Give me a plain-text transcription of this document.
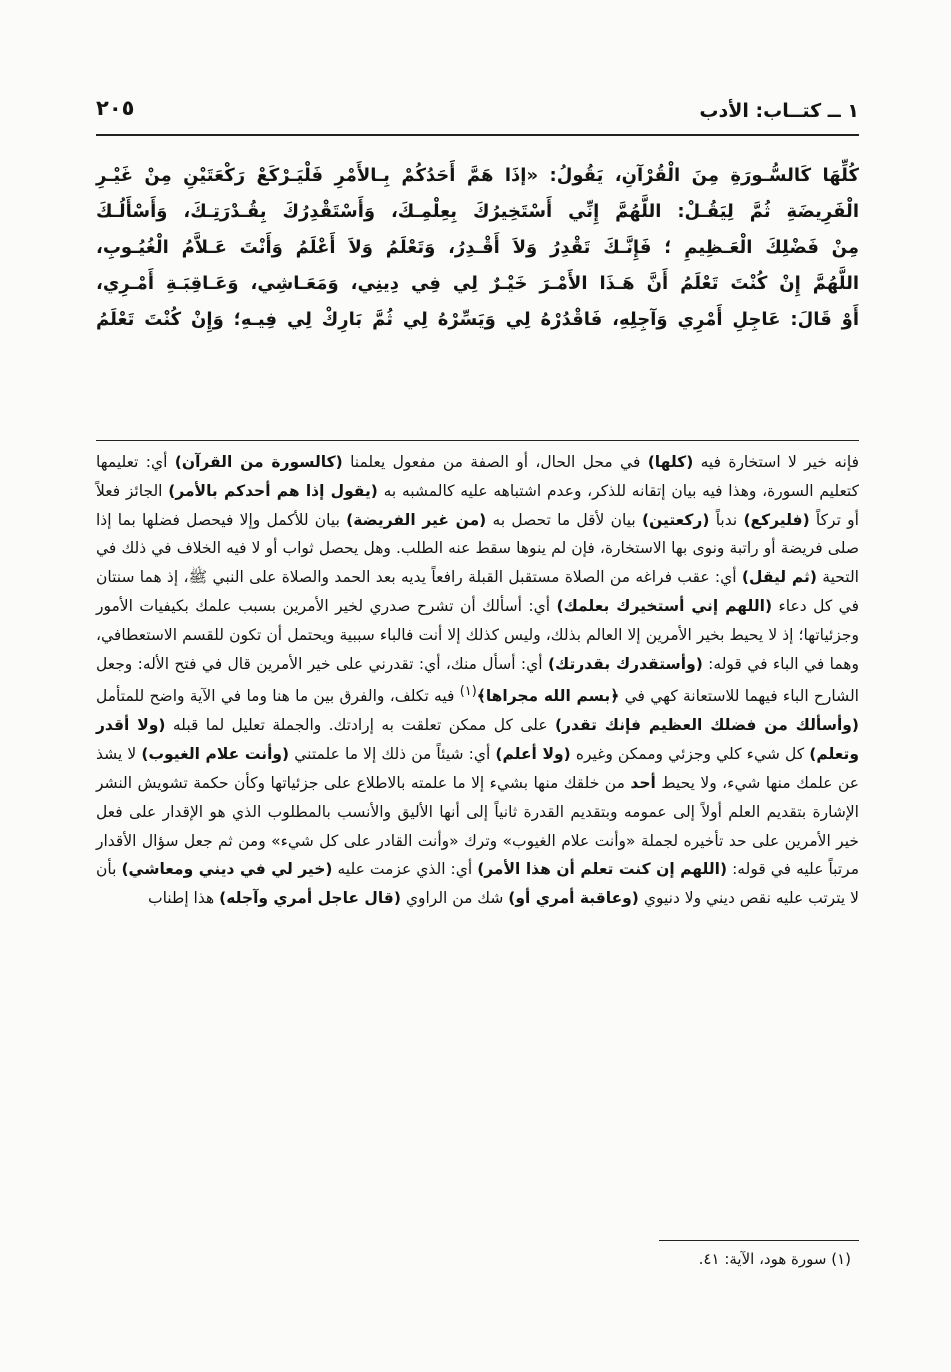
١ ــ كتــاب: الأدب
٢٠٥

كُلِّهَا كَالسُّـورَةِ مِنَ الْقُرْآنِ، يَقُولُ: «إذَا هَمَّ أَحَدُكُمْ بِـالأَمْرِ فَلْيَـرْكَعْ رَكْعَتَيْنِ مِنْ غَيْـرِ

الْفَرِيضَةِ ثُمَّ لِيَقُـلْ: اللَّهُمَّ إِنِّي أَسْتَخِيرُكَ بِعِلْمِـكَ، وَأَسْتَقْدِرُكَ بِقُـدْرَتِـكَ، وَأَسْأَلُـكَ

مِنْ فَضْلِكَ الْعَـظِيمِ ؛ فَإِنَّـكَ تَقْدِرُ وَلاَ أَقْـدِرُ، وَتَعْلَمُ وَلاَ أَعْلَمُ وَأَنْتَ عَـلاَّمُ الْغُيُـوبِ،

اللَّهُمَّ إِنْ كُنْتَ تَعْلَمُ أَنَّ هَـذَا الأَمْـرَ خَيْـرٌ لِي فِي دِينِي، وَمَعَـاشِي، وَعَـاقِبَـةِ أَمْـرِي،

أَوْ قَالَ: عَاجِلِ أَمْرِي وَآجِلِهِ، فَاقْدُرْهُ لِي وَيَسِّرْهُ لِي ثُمَّ بَارِكْ لِي فِيـهِ؛ وَإِنْ كُنْتَ تَعْلَمُ

فإنه خير لا استخارة فيه (كلها) في محل الحال، أو الصفة من مفعول يعلمنا (كالسورة من القرآن) أي: تعليمها كتعليم السورة، وهذا فيه بيان إتقانه للذكر، وعدم اشتباهه عليه كالمشبه به (يقول إذا هم أحدكم بالأمر) الجائز فعلاً أو تركاً (فليركع) ندباً (ركعتين) بيان لأقل ما تحصل به (من غير الفريضة) بيان للأكمل وإلا فيحصل فضلها بما إذا صلى فريضة أو راتبة ونوى بها الاستخارة، فإن لم ينوها سقط عنه الطلب. وهل يحصل ثواب أو لا فيه الخلاف في ذلك في التحية (ثم ليقل) أي: عقب فراغه من الصلاة مستقبل القبلة رافعاً يديه بعد الحمد والصلاة على النبي ﷺ، إذ هما سنتان في كل دعاء (اللهم إني أستخيرك بعلمك) أي: أسألك أن تشرح صدري لخير الأمرين بسبب علمك بكيفيات الأمور وجزئياتها؛ إذ لا يحيط بخير الأمرين إلا العالم بذلك، وليس كذلك إلا أنت فالباء سببية ويحتمل أن تكون للقسم الاستعطافي، وهما في الباء في قوله: (وأستقدرك بقدرتك) أي: أسأل منك، أي: تقدرني على خير الأمرين قال في فتح الأله: وجعل الشارح الباء فيهما للاستعانة كهي في ﴿بسم الله مجراها﴾$^{(١)}$ فيه تكلف، والفرق بين ما هنا وما في الآية واضح للمتأمل (وأسألك من فضلك العظيم فإنك تقدر) على كل ممكن تعلقت به إرادتك. والجملة تعليل لما قبله (ولا أقدر وتعلم) كل شيء كلي وجزئي وممكن وغيره (ولا أعلم) أي: شيئاً من ذلك إلا ما علمتني (وأنت علام الغيوب) لا يشذ عن علمك منها شيء، ولا يحيط أحد من خلقك منها بشيء إلا ما علمته بالاطلاع على جزئياتها وكأن حكمة تشويش النشر الإشارة بتقديم العلم أولاً إلى عمومه وبتقديم القدرة ثانياً إلى أنها الأليق والأنسب بالمطلوب الذي هو الإقدار على فعل خير الأمرين على حد تأخيره لجملة «وأنت علام الغيوب» وترك «وأنت القادر على كل شيء» ومن ثم جعل سؤال الأقدار مرتباً عليه في قوله: (اللهم إن كنت تعلم أن هذا الأمر) أي: الذي عزمت عليه (خير لي في ديني ومعاشي) بأن لا يترتب عليه نقص ديني ولا دنيوي (وعاقبة أمري أو) شك من الراوي (قال عاجل أمري وآجله) هذا إطناب
(١) سورة هود، الآية: ٤١.
